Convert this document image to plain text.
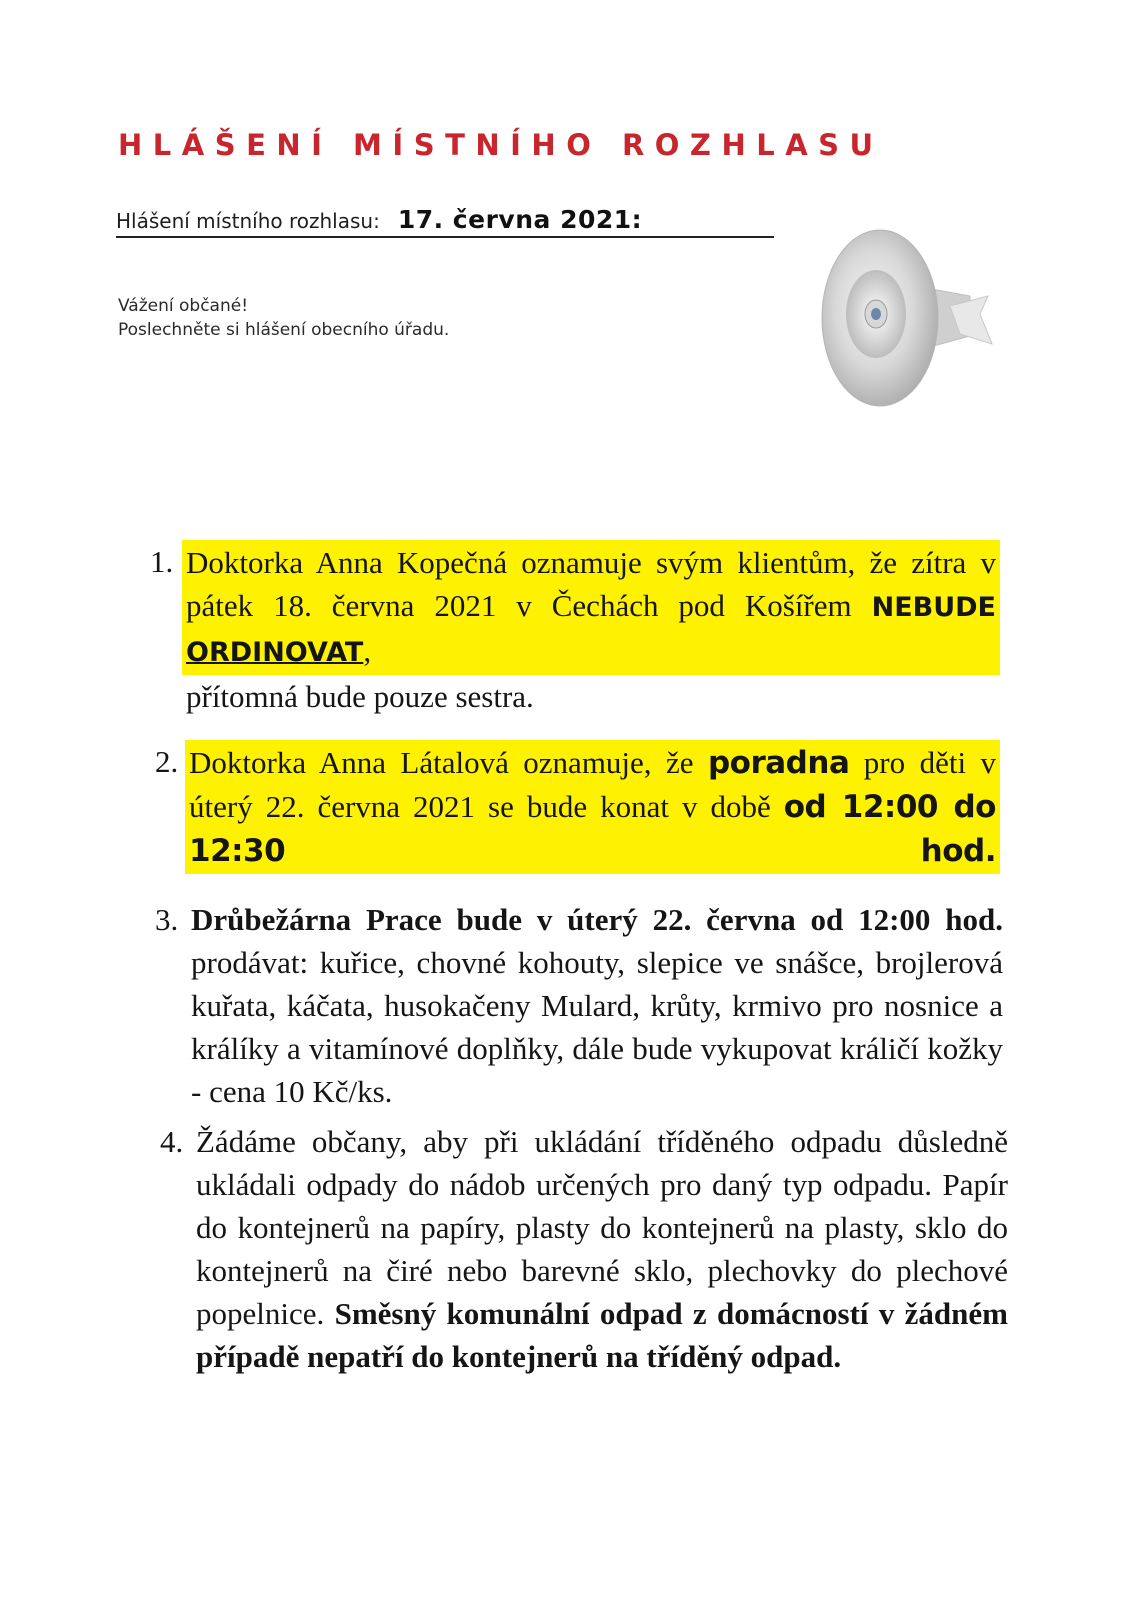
HLÁŠENÍ MÍSTNÍHO ROZHLASU
Hlášení místního rozhlasu: 17. června 2021:
Vážení občané!
Poslechněte si hlášení obecního úřadu.
1. Doktorka Anna Kopečná oznamuje svým klientům, že zítra v pátek 18. června 2021 v Čechách pod Košířem NEBUDE ORDINOVAT,
přítomná bude pouze sestra.
2. Doktorka Anna Látalová oznamuje, že poradna pro děti v úterý 22. června 2021 se bude konat v době od 12:00 do 12:30 hod.
3. Drůbežárna Prace bude v úterý 22. června od 12:00 hod. prodávat: kuřice, chovné kohouty, slepice ve snášce, brojlerová kuřata, káčata, husokačeny Mulard, krůty, krmivo pro nosnice a králíky a vitamínové doplňky, dále bude vykupovat králičí kožky - cena 10 Kč/ks.
4. Žádáme občany, aby při ukládání tříděného odpadu důsledně ukládali odpady do nádob určených pro daný typ odpadu. Papír do kontejnerů na papíry, plasty do kontejnerů na plasty, sklo do kontejnerů na čiré nebo barevné sklo, plechovky do plechové popelnice. Směsný komunální odpad z domácností v žádném případě nepatří do kontejnerů na tříděný odpad.
